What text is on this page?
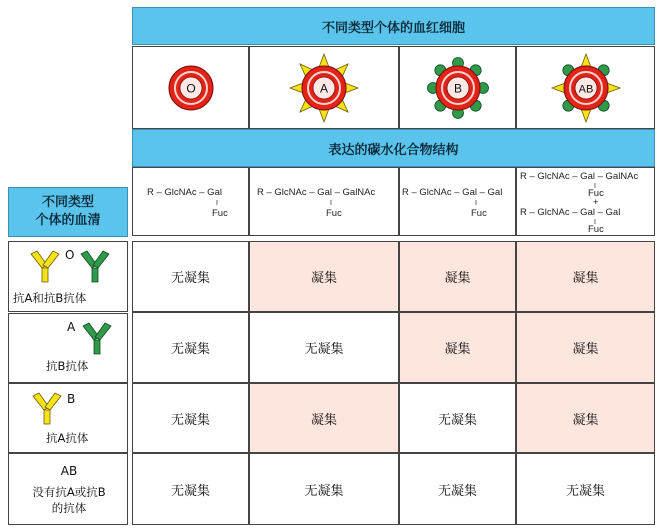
不同类型个体的血红细胞
O	A	B	AB
表达的碳水化合物结构
R – GlcNAc – Gal
I
Fuc
R – GlcNAc – Gal – GalNAc
I
Fuc
R – GlcNAc – Gal – Gal
I
Fuc
R – GlcNAc – Gal – GalNAc
I
Fuc
+
R – GlcNAc – Gal – Gal
I
Fuc
不同类型
个体的血清
O
抗A和抗B抗体
A
抗B抗体
B
抗A抗体
AB
没有抗A或抗B
的抗体
无凝集	凝集	凝集	凝集
无凝集	无凝集	凝集	凝集
无凝集	凝集	无凝集	凝集
无凝集	无凝集	无凝集	无凝集
